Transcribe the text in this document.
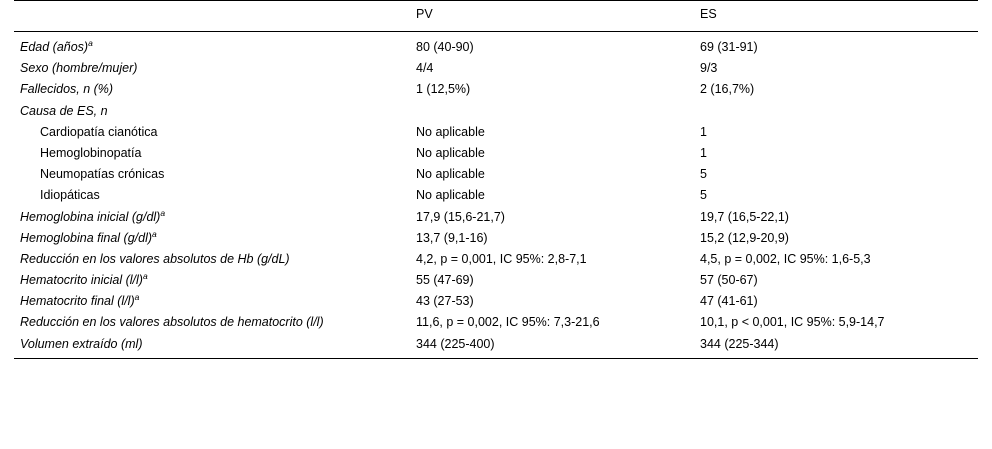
	PV	ES
Edad (años)$^a$	80 (40-90)	69 (31-91)
Sexo (hombre/mujer)	4/4	9/3
Fallecidos, n (%)	1 (12,5%)	2 (16,7%)
Causa de ES, n		
Cardiopatía cianótica	No aplicable	1
Hemoglobinopatía	No aplicable	1
Neumopatías crónicas	No aplicable	5
Idiopáticas	No aplicable	5
Hemoglobina inicial $(g/dl)^a$	17,9 (15,6-21,7)	19,7 (16,5-22,1)
Hemoglobina final $(g/dl)^a$	13,7 (9,1-16)	15,2 (12,9-20,9)
Reducción en los valores absolutos de Hb (g/dL)	4,2, p = 0,001, IC 95%: 2,8-7,1	4,5, p = 0,002, IC 95%: 1,6-5,3
Hematocrito inicial $(l/l)^a$	55 (47-69)	57 (50-67)
Hematocrito final $(l/l)^a$	43 (27-53)	47 (41-61)
Reducción en los valores absolutos de hematocrito (l/l)	11,6, p = 0,002, IC 95%: 7,3-21,6	10,1, p < 0,001, IC 95%: 5,9-14,7
Volumen extraído (ml)	344 (225-400)	344 (225-344)
